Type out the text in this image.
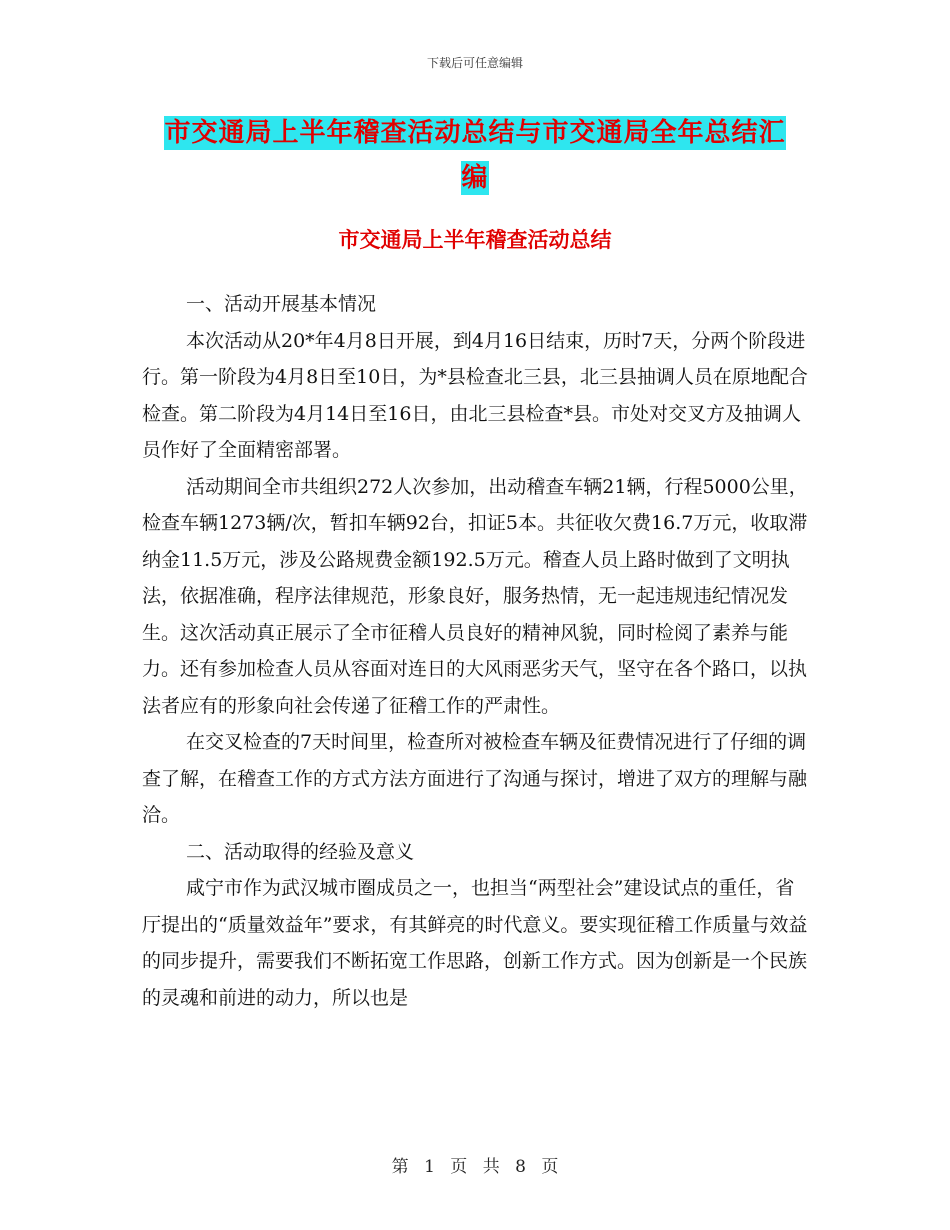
下载后可任意编辑
市交通局上半年稽查活动总结与市交通局全年总结汇
编
市交通局上半年稽查活动总结

一、活动开展基本情况

本次活动从20*年4月8日开展，到4月16日结束，历时7天，分两个阶段进行。第一阶段为4月8日至10日，为*县检查北三县，北三县抽调人员在原地配合检查。第二阶段为4月14日至16日，由北三县检查*县。市处对交叉方及抽调人员作好了全面精密部署。

活动期间全市共组织272人次参加，出动稽查车辆21辆，行程5000公里，检查车辆1273辆/次，暂扣车辆92台，扣证5本。共征收欠费16.7万元，收取滞纳金11.5万元，涉及公路规费金额192.5万元。稽查人员上路时做到了文明执法，依据准确，程序法律规范，形象良好，服务热情，无一起违规违纪情况发生。这次活动真正展示了全市征稽人员良好的精神风貌，同时检阅了素养与能力。还有参加检查人员从容面对连日的大风雨恶劣天气，坚守在各个路口，以执法者应有的形象向社会传递了征稽工作的严肃性。

在交叉检查的7天时间里，检查所对被检查车辆及征费情况进行了仔细的调查了解，在稽查工作的方式方法方面进行了沟通与探讨，增进了双方的理解与融洽。

二、活动取得的经验及意义

咸宁市作为武汉城市圈成员之一，也担当“两型社会”建设试点的重任，省厅提出的“质量效益年”要求，有其鲜亮的时代意义。要实现征稽工作质量与效益的同步提升，需要我们不断拓宽工作思路，创新工作方式。因为创新是一个民族的灵魂和前进的动力，所以也是

第 1 页 共 8 页
